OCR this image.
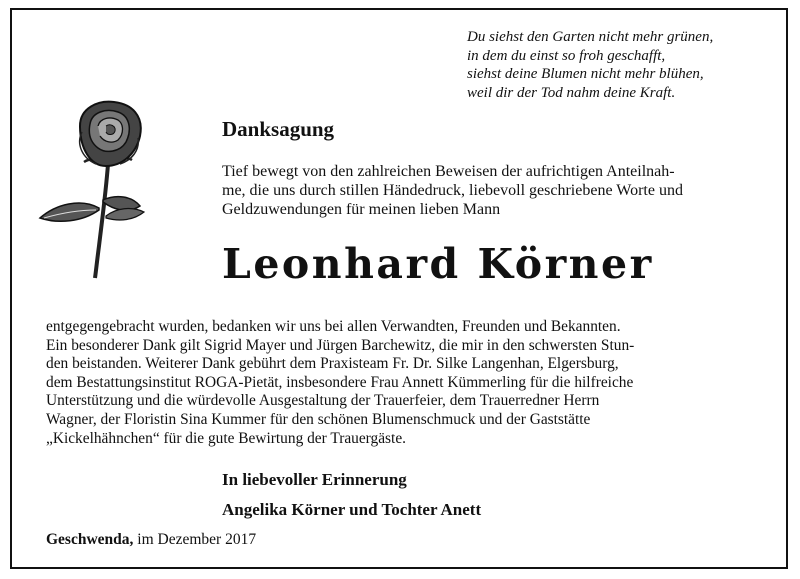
Du siehst den Garten nicht mehr grünen,
in dem du einst so froh geschafft,
siehst deine Blumen nicht mehr blühen,
weil dir der Tod nahm deine Kraft.
Danksagung
Tief bewegt von den zahlreichen Beweisen der aufrichtigen Anteilnah-
me, die uns durch stillen Händedruck, liebevoll geschriebene Worte und
Geldzuwendungen für meinen lieben Mann
Leonhard Körner
entgegengebracht wurden, bedanken wir uns bei allen Verwandten, Freunden und Bekannten.
Ein besonderer Dank gilt Sigrid Mayer und Jürgen Barchewitz, die mir in den schwersten Stun-
den beistanden. Weiterer Dank gebührt dem Praxisteam Fr. Dr. Silke Langenhan, Elgersburg,
dem Bestattungsinstitut ROGA-Pietät, insbesondere Frau Annett Kümmerling für die hilfreiche
Unterstützung und die würdevolle Ausgestaltung der Trauerfeier, dem Trauerredner Herrn
Wagner, der Floristin Sina Kummer für den schönen Blumenschmuck und der Gaststätte
„Kickelhähnchen“ für die gute Bewirtung der Trauergäste.
In liebevoller Erinnerung
Angelika Körner und Tochter Anett
Geschwenda, im Dezember 2017
